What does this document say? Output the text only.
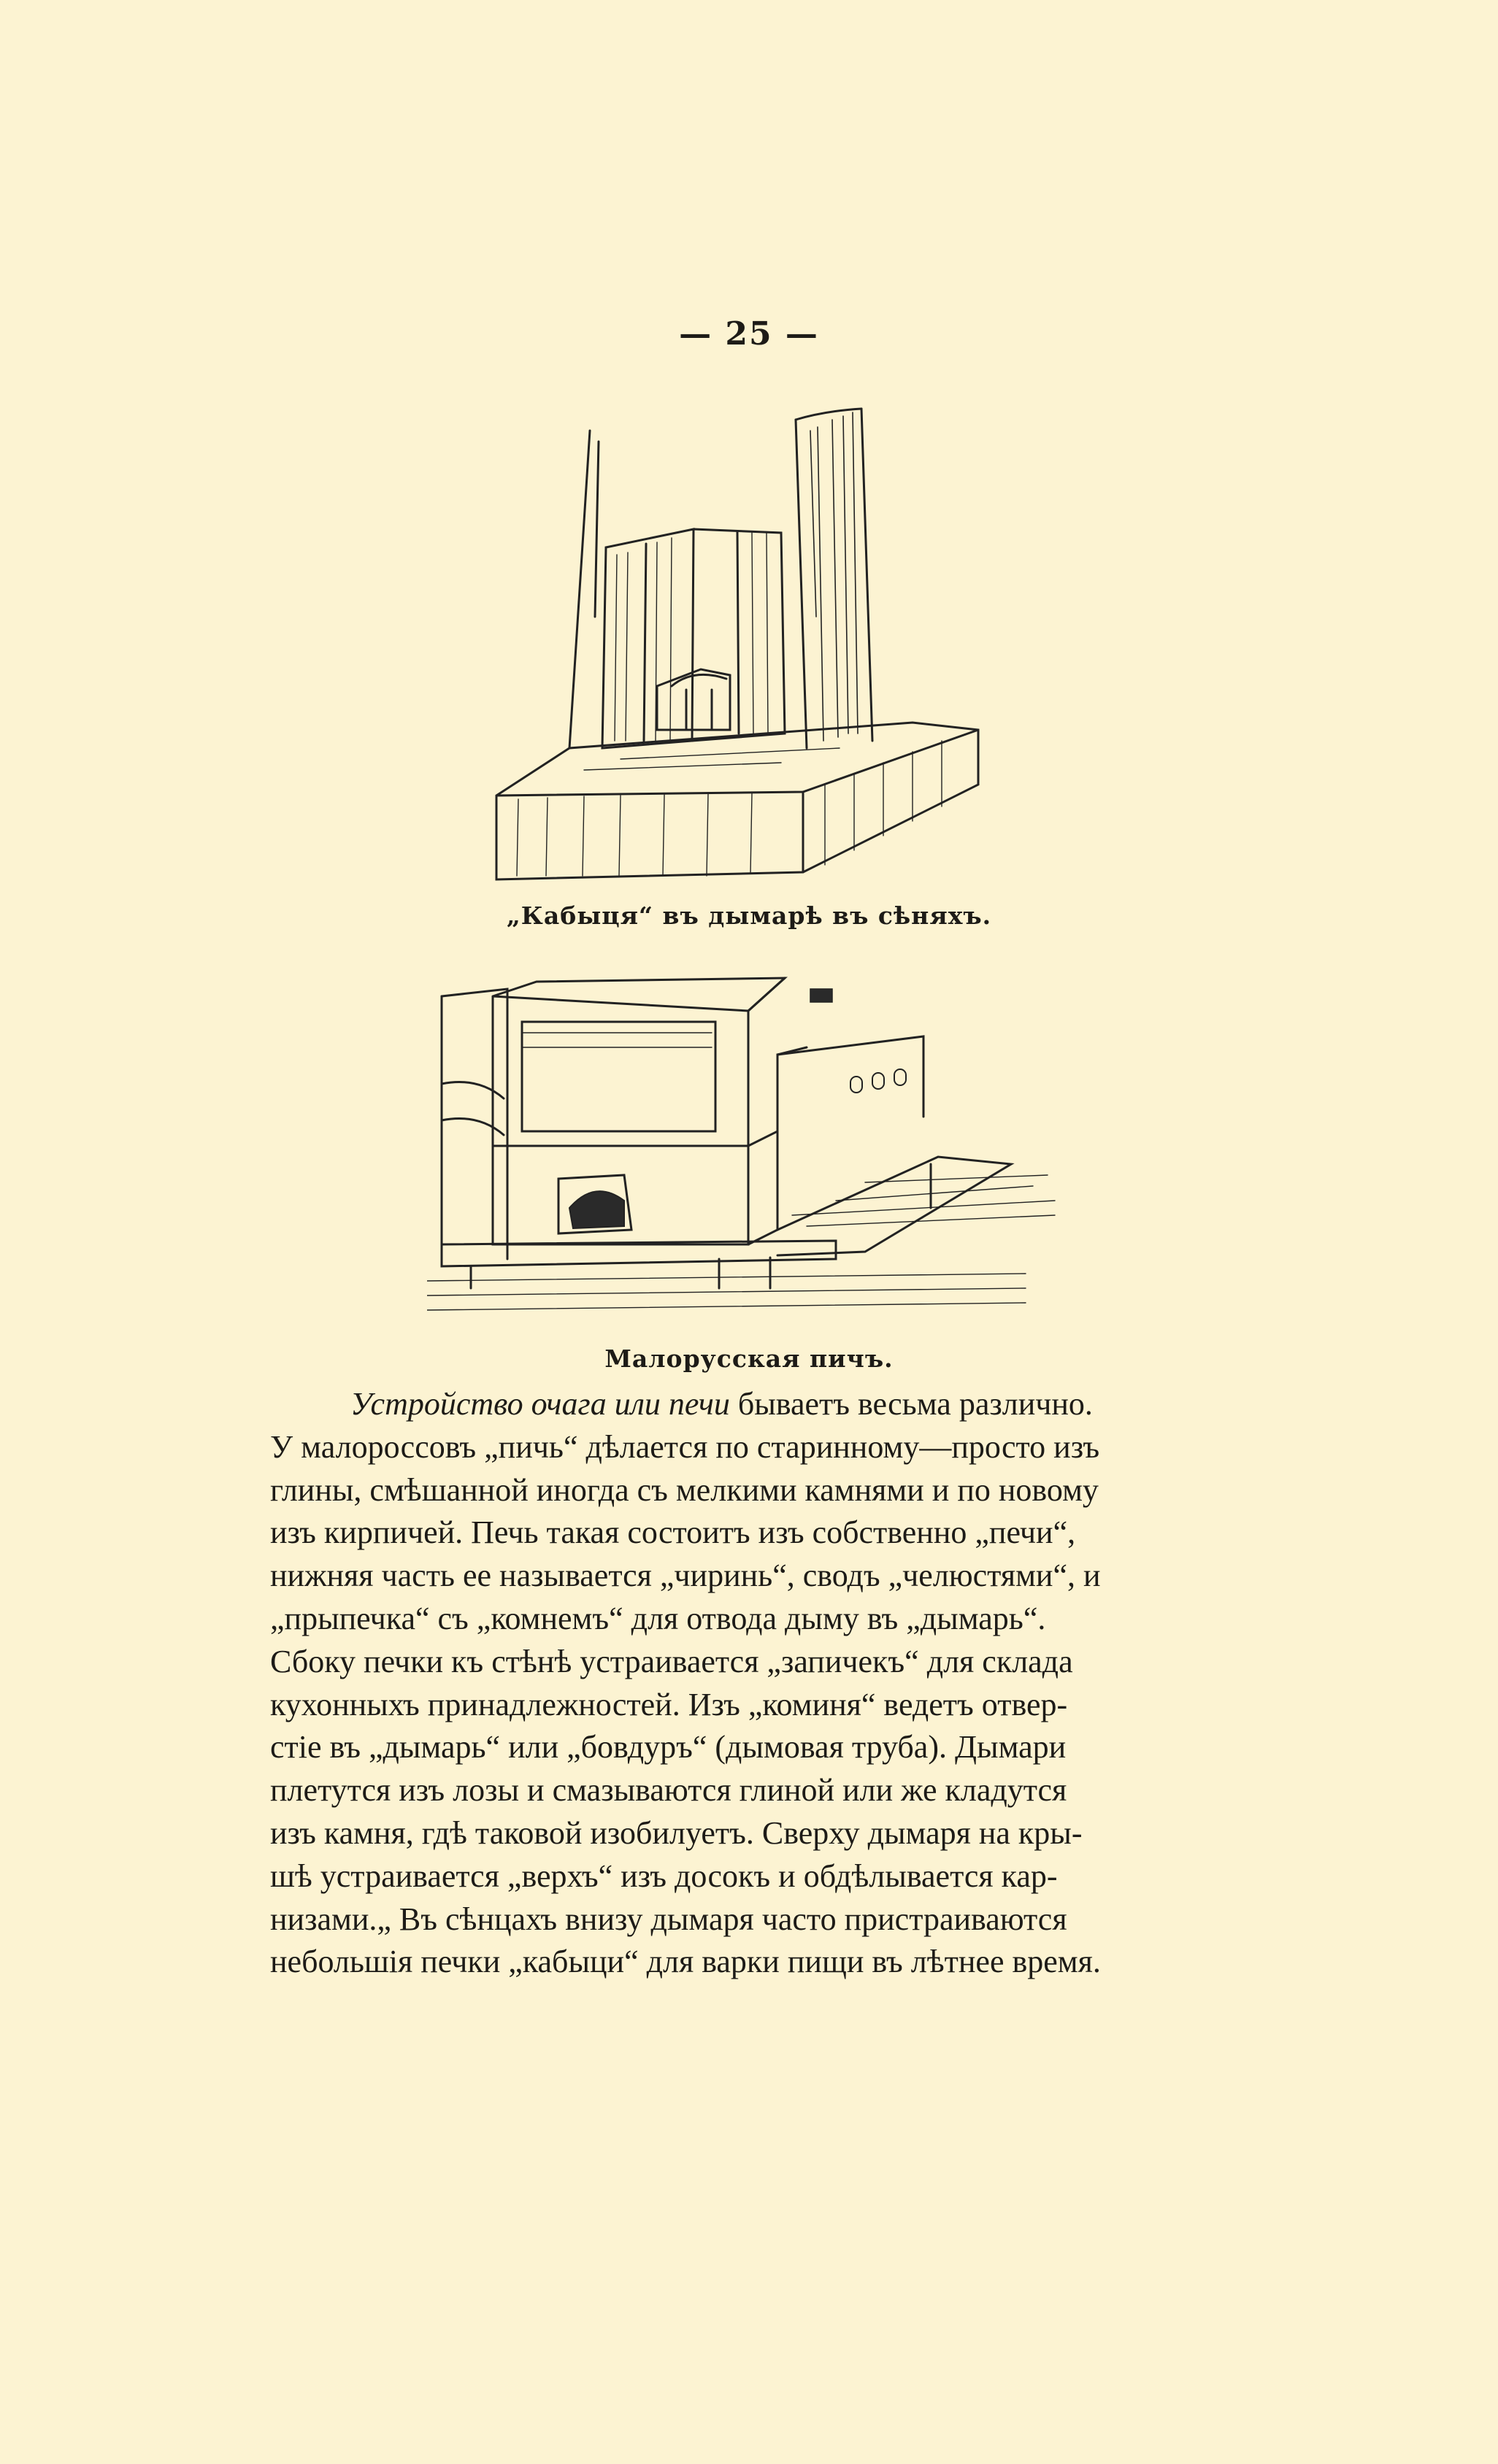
— 25 —
„Кабыця“ въ дымарѣ въ сѣняхъ.
Малорусская пичъ.
Устройство очага или печи бываетъ весьма различно.
У малороссовъ „пичь“ дѣлается по старинному—просто изъ
глины, смѣшанной иногда съ мелкими камнями и по новому
изъ кирпичей. Печь такая состоитъ изъ собственно „печи“,
нижняя часть ее называется „чиринь“, сводъ „челюстями“, и
„прыпечка“ съ „комнемъ“ для отвода дыму въ „дымарь“.
Сбоку печки къ стѣнѣ устраивается „запичекъ“ для склада
кухонныхъ принадлежностей. Изъ „коминя“ ведетъ отвер-
стіе въ „дымарь“ или „бовдуръ“ (дымовая труба). Дымари
плетутся изъ лозы и смазываются глиной или же кладутся
изъ камня, гдѣ таковой изобилуетъ. Сверху дымаря на кры-
шѣ устраивается „верхъ“ изъ досокъ и обдѣлывается кар-
низами.„ Въ сѣнцахъ внизу дымаря часто пристраиваются
небольшія печки „кабыци“ для варки пищи въ лѣтнее время.
